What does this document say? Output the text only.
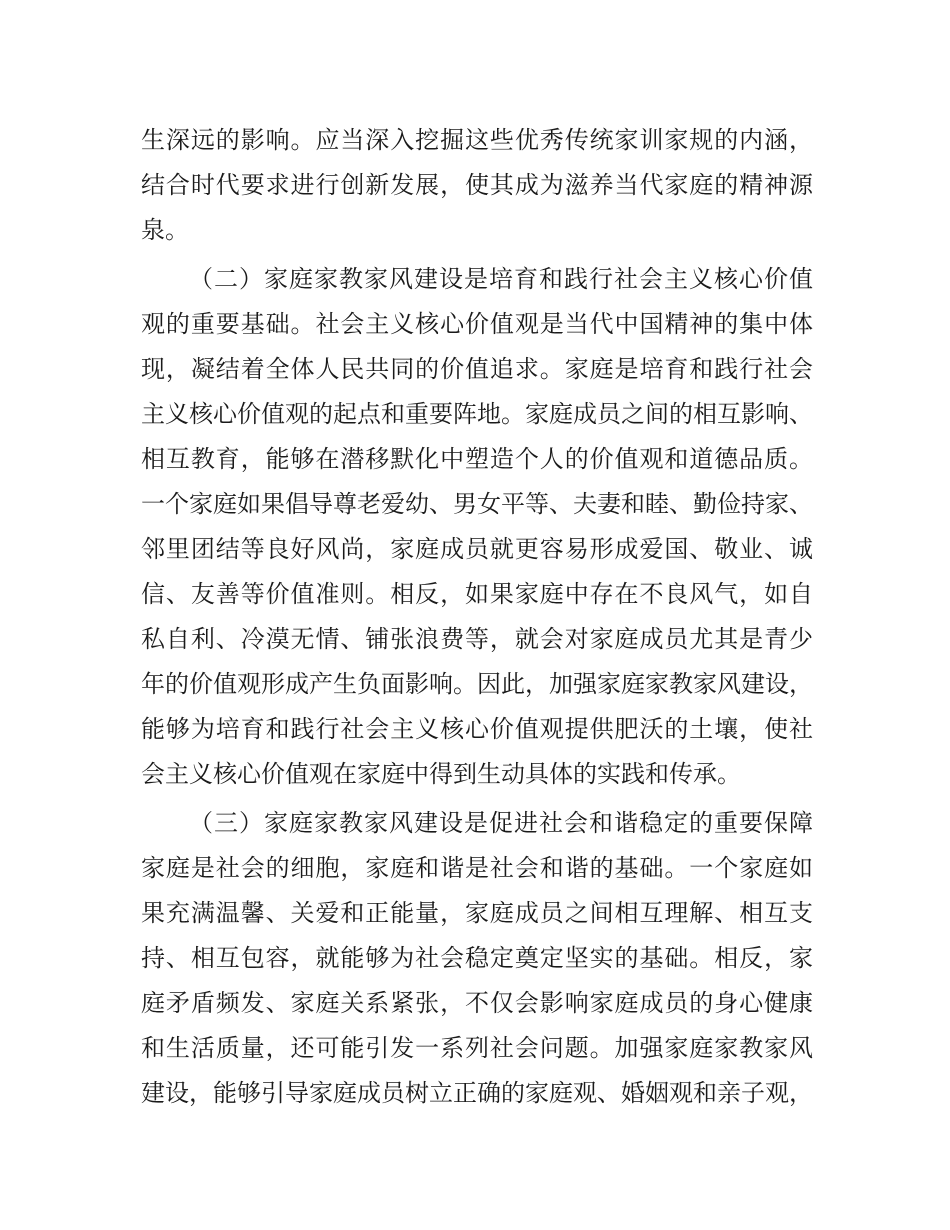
生深远的影响。应当深入挖掘这些优秀传统家训家规的内涵，
结合时代要求进行创新发展，使其成为滋养当代家庭的精神源
泉。
（二）家庭家教家风建设是培育和践行社会主义核心价值
观的重要基础。社会主义核心价值观是当代中国精神的集中体
现，凝结着全体人民共同的价值追求。家庭是培育和践行社会
主义核心价值观的起点和重要阵地。家庭成员之间的相互影响、
相互教育，能够在潜移默化中塑造个人的价值观和道德品质。
一个家庭如果倡导尊老爱幼、男女平等、夫妻和睦、勤俭持家、
邻里团结等良好风尚，家庭成员就更容易形成爱国、敬业、诚
信、友善等价值准则。相反，如果家庭中存在不良风气，如自
私自利、冷漠无情、铺张浪费等，就会对家庭成员尤其是青少
年的价值观形成产生负面影响。因此，加强家庭家教家风建设，
能够为培育和践行社会主义核心价值观提供肥沃的土壤，使社
会主义核心价值观在家庭中得到生动具体的实践和传承。
（三）家庭家教家风建设是促进社会和谐稳定的重要保障
家庭是社会的细胞，家庭和谐是社会和谐的基础。一个家庭如
果充满温馨、关爱和正能量，家庭成员之间相互理解、相互支
持、相互包容，就能够为社会稳定奠定坚实的基础。相反，家
庭矛盾频发、家庭关系紧张，不仅会影响家庭成员的身心健康
和生活质量，还可能引发一系列社会问题。加强家庭家教家风
建设，能够引导家庭成员树立正确的家庭观、婚姻观和亲子观，
